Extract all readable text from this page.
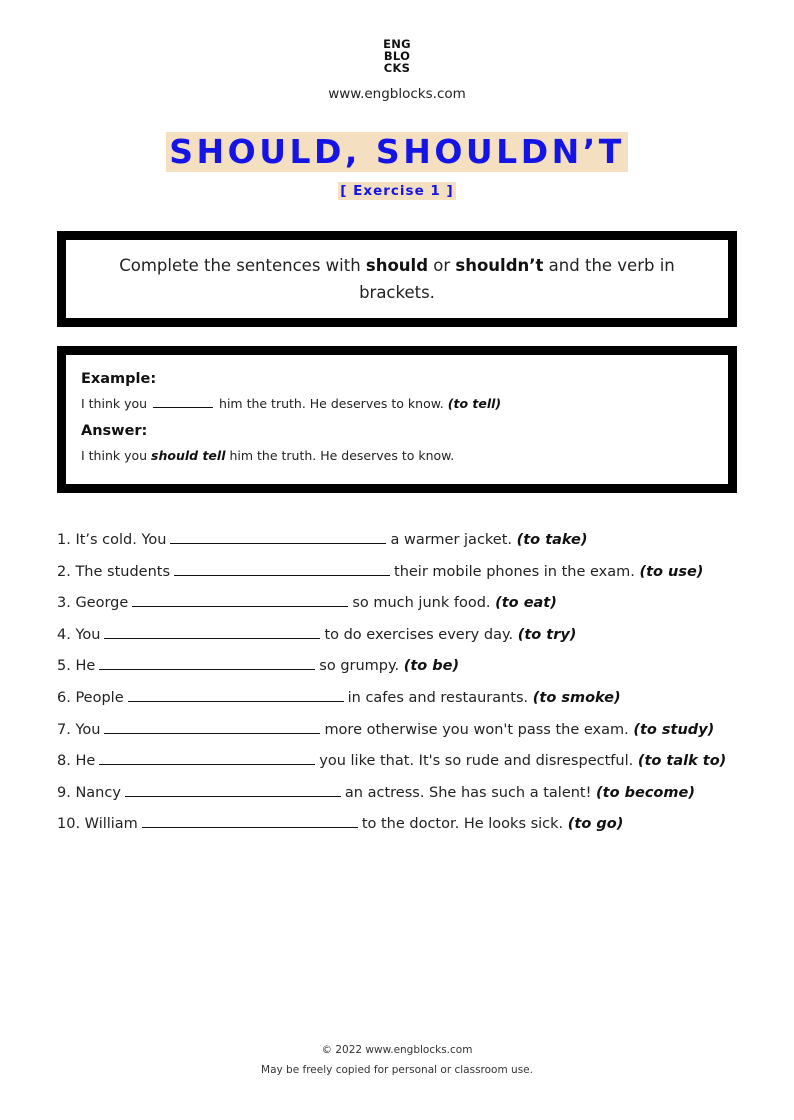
ENG
BLO
CKS
www.engblocks.com
SHOULD, SHOULDN’T
[ Exercise 1 ]

Complete the sentences with should or shouldn’t and the verb in brackets.

Example:
I think you	him the truth. He deserves to know. (to tell)
Answer:
I think you should tell him the truth. He deserves to know.
1. It’s cold. You	a warmer jacket. (to take)
2. The students	their mobile phones in the exam. (to use)
3. George	so much junk food. (to eat)
4. You	to do exercises every day. (to try)
5. He	so grumpy. (to be)
6. People	in cafes and restaurants. (to smoke)
7. You	more otherwise you won't pass the exam. (to study)
8. He	you like that. It's so rude and disrespectful. (to talk to)
9. Nancy	an actress. She has such a talent! (to become)
10. William	to the doctor. He looks sick. (to go)
© 2022 www.engblocks.com
May be freely copied for personal or classroom use.
